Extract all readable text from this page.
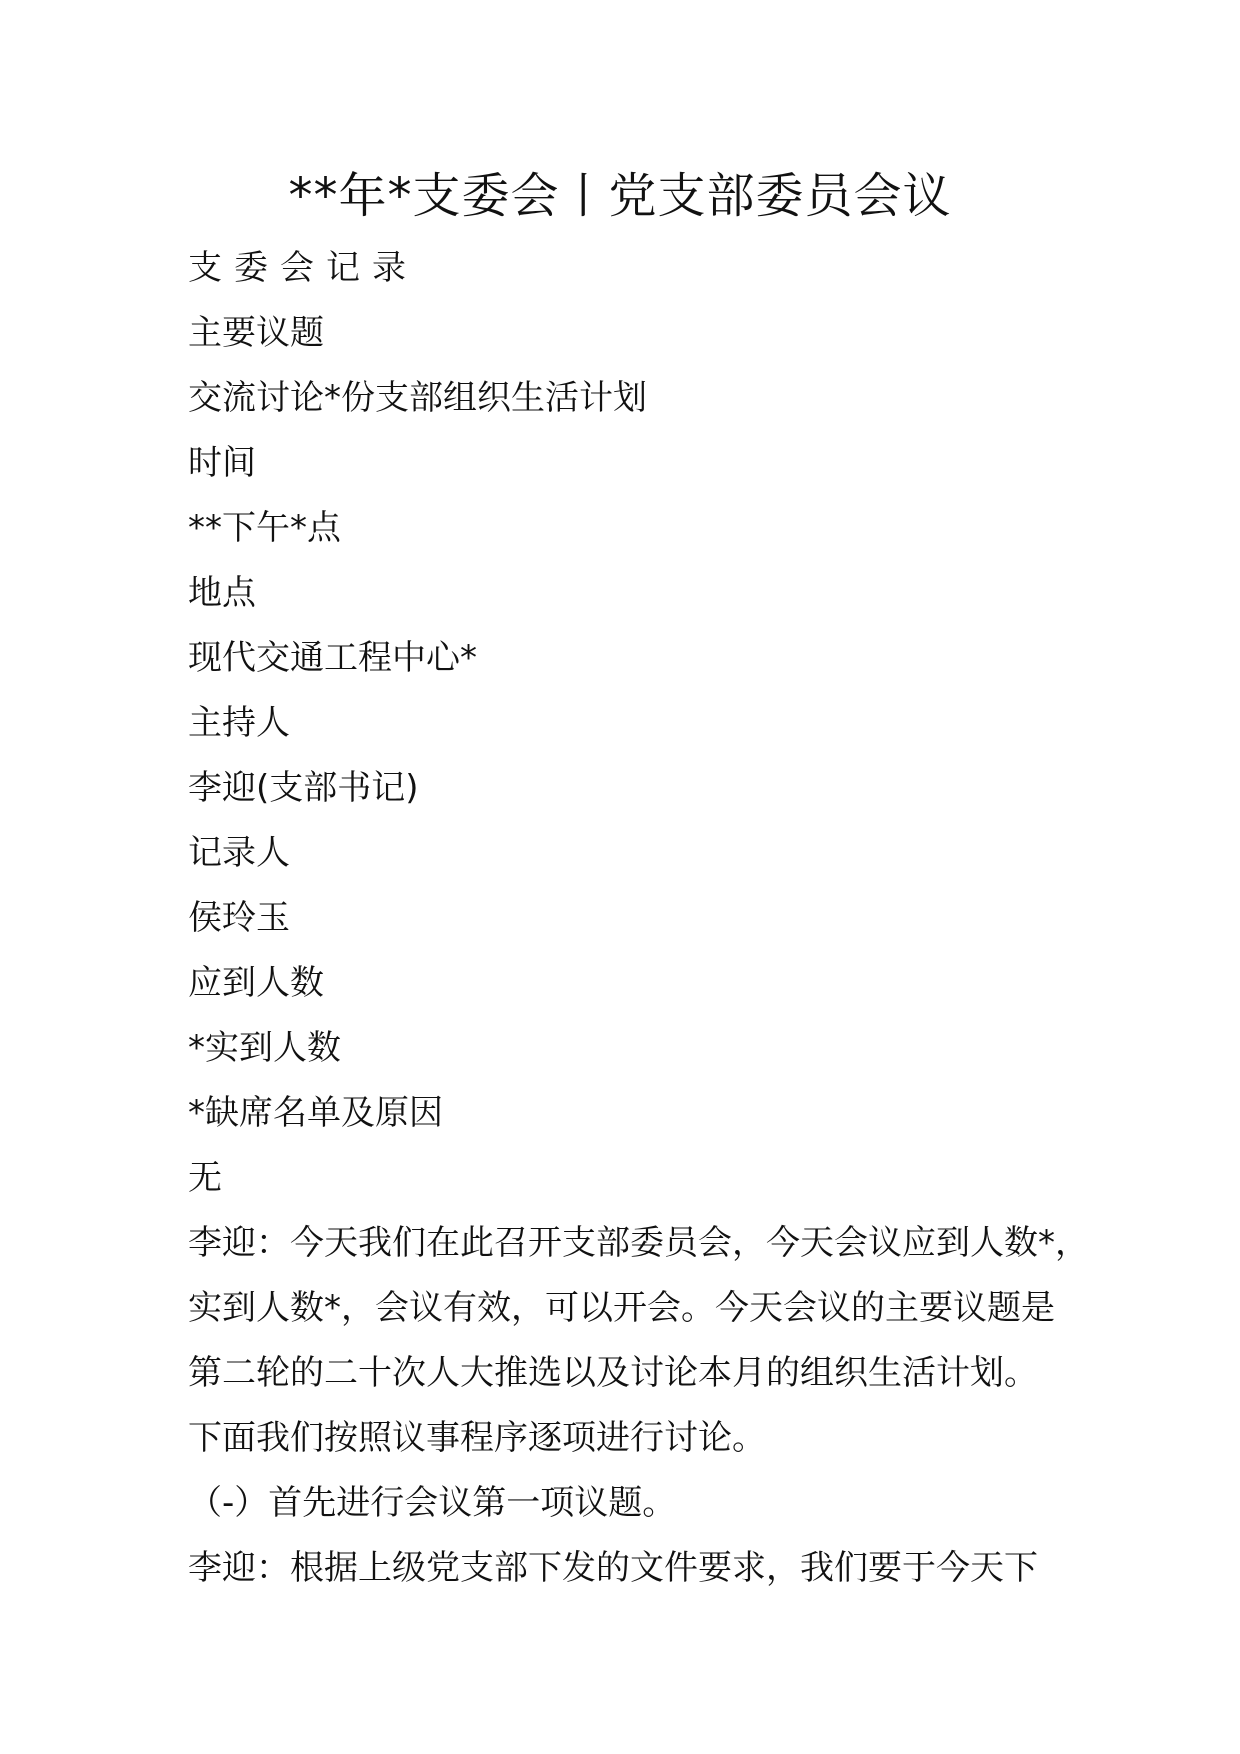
**年*支委会丨党支部委员会议
支委会记录
主要议题
交流讨论*份支部组织生活计划
时间
**下午*点
地点
现代交通工程中心*
主持人
李迎(支部书记)
记录人
侯玲玉
应到人数
*实到人数
*缺席名单及原因
无
李迎：今天我们在此召开支部委员会，今天会议应到人数*，
实到人数*，会议有效，可以开会。今天会议的主要议题是
第二轮的二十次人大推选以及讨论本月的组织生活计划。
下面我们按照议事程序逐项进行讨论。
（-）首先进行会议第一项议题。
李迎：根据上级党支部下发的文件要求，我们要于今天下
